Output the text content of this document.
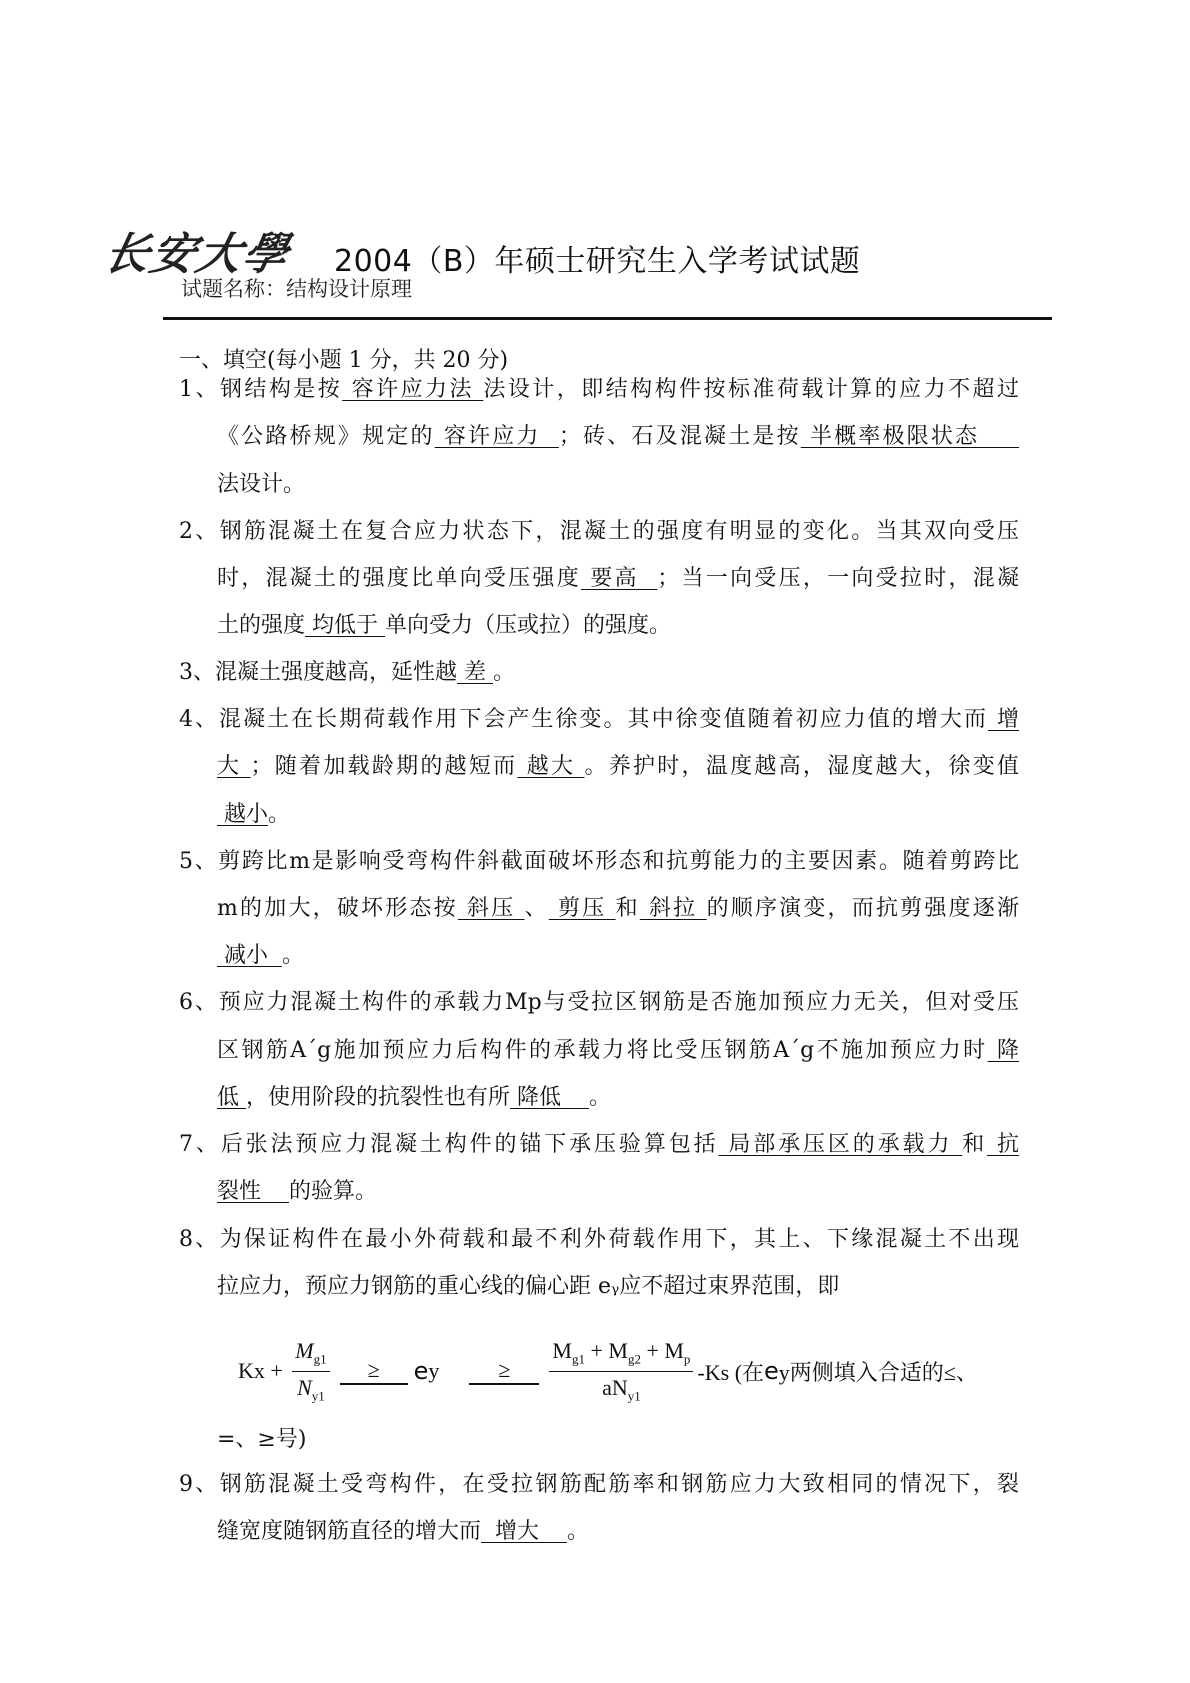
长安大學 2004（B）年硕士研究生入学考试试题
试题名称：结构设计原理
一、填空(每小题 1 分，共 20 分)
1、钢结构是按 容许应力法 法设计，即结构构件按标准荷载计算的应力不超过
《公路桥规》规定的 容许应力  ；砖、石及混凝土是按 半概率极限状态
法设计。
2、钢筋混凝土在复合应力状态下，混凝土的强度有明显的变化。当其双向受压
时，混凝土的强度比单向受压强度 要高  ；当一向受压，一向受拉时，混凝
土的强度 均低于 单向受力（压或拉）的强度。
3、混凝土强度越高，延性越 差 。
4、混凝土在长期荷载作用下会产生徐变。其中徐变值随着初应力值的增大而 增
大 ；随着加载龄期的越短而 越大 。养护时，温度越高，湿度越大，徐变值
越小。
5、剪跨比m是影响受弯构件斜截面破坏形态和抗剪能力的主要因素。随着剪跨比
m的加大，破坏形态按 斜压 、 剪压 和 斜拉 的顺序演变，而抗剪强度逐渐
减小  。
6、预应力混凝土构件的承载力Mp与受拉区钢筋是否施加预应力无关，但对受压
区钢筋A´g施加预应力后构件的承载力将比受压钢筋A´g不施加预应力时 降
低 ，使用阶段的抗裂性也有所 降低    。
7、后张法预应力混凝土构件的锚下承压验算包括 局部承压区的承载力 和 抗
裂性    的验算。
8、为保证构件在最小外荷载和最不利外荷载作用下，其上、下缘混凝土不出现
拉应力，预应力钢筋的重心线的偏心距 eᵧ应不超过束界范围，即
9、钢筋混凝土受弯构件，在受拉钢筋配筋率和钢筋应力大致相同的情况下，裂
缝宽度随钢筋直径的增大而  增大    。
$Kx + \frac{M_{g1}}{N_{y1}}$	≥	e y	≥	$\frac{M_{g1} + M_{g2} + M_p}{aN_{y1}} -Ks$ (在 e y两侧填入合适的≤、
=、≥号)
